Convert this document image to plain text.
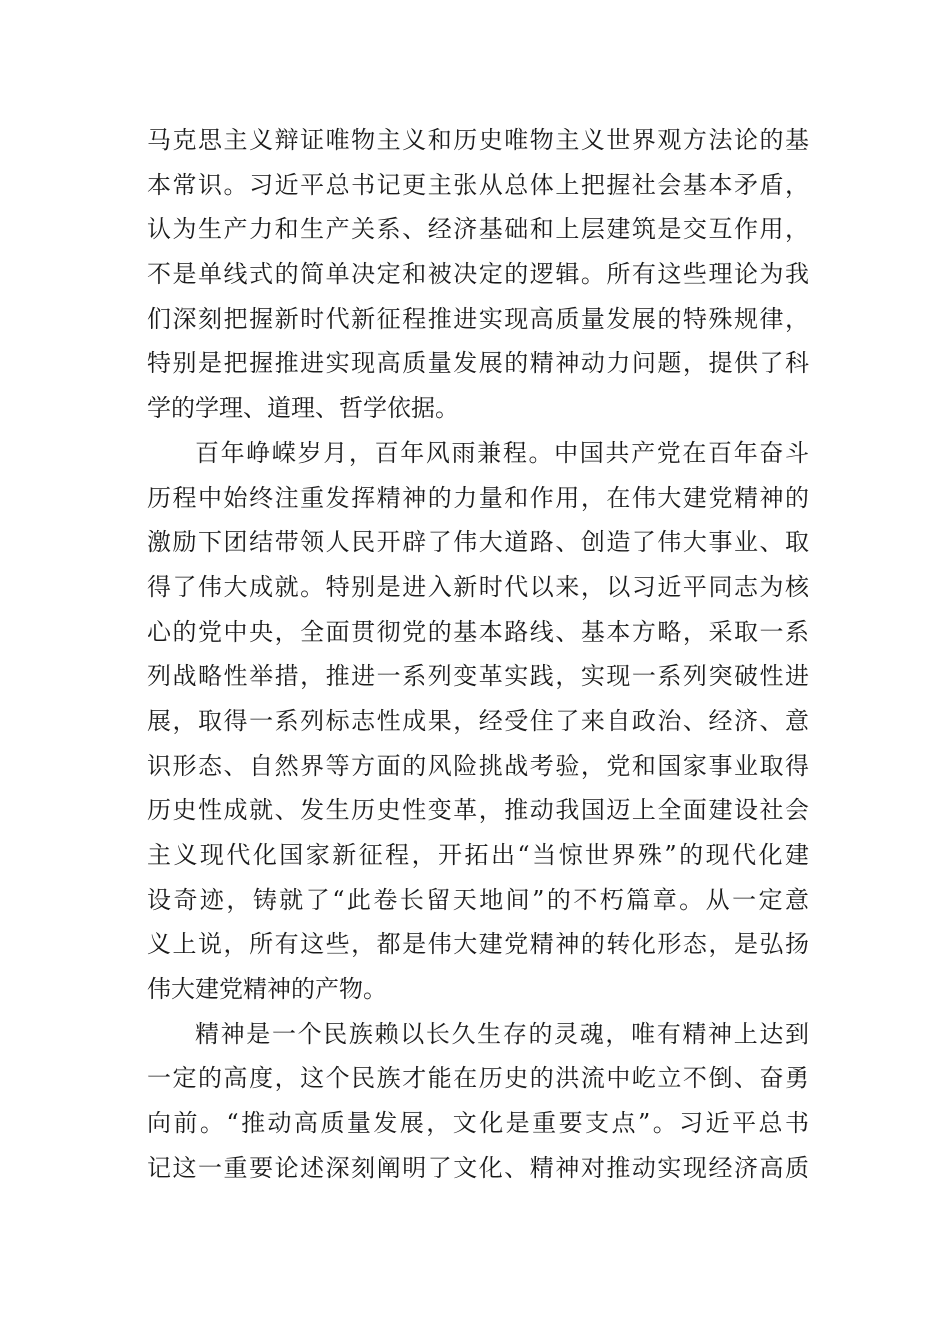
马克思主义辩证唯物主义和历史唯物主义世界观方法论的基
本常识。习近平总书记更主张从总体上把握社会基本矛盾，
认为生产力和生产关系、经济基础和上层建筑是交互作用，
不是单线式的简单决定和被决定的逻辑。所有这些理论为我
们深刻把握新时代新征程推进实现高质量发展的特殊规律，
特别是把握推进实现高质量发展的精神动力问题，提供了科
学的学理、道理、哲学依据。
百年峥嵘岁月，百年风雨兼程。中国共产党在百年奋斗
历程中始终注重发挥精神的力量和作用，在伟大建党精神的
激励下团结带领人民开辟了伟大道路、创造了伟大事业、取
得了伟大成就。特别是进入新时代以来，以习近平同志为核
心的党中央，全面贯彻党的基本路线、基本方略，采取一系
列战略性举措，推进一系列变革实践，实现一系列突破性进
展，取得一系列标志性成果，经受住了来自政治、经济、意
识形态、自然界等方面的风险挑战考验，党和国家事业取得
历史性成就、发生历史性变革，推动我国迈上全面建设社会
主义现代化国家新征程，开拓出“当惊世界殊”的现代化建
设奇迹，铸就了“此卷长留天地间”的不朽篇章。从一定意
义上说，所有这些，都是伟大建党精神的转化形态，是弘扬
伟大建党精神的产物。
精神是一个民族赖以长久生存的灵魂，唯有精神上达到
一定的高度，这个民族才能在历史的洪流中屹立不倒、奋勇
向前。“推动高质量发展，文化是重要支点”。习近平总书
记这一重要论述深刻阐明了文化、精神对推动实现经济高质
